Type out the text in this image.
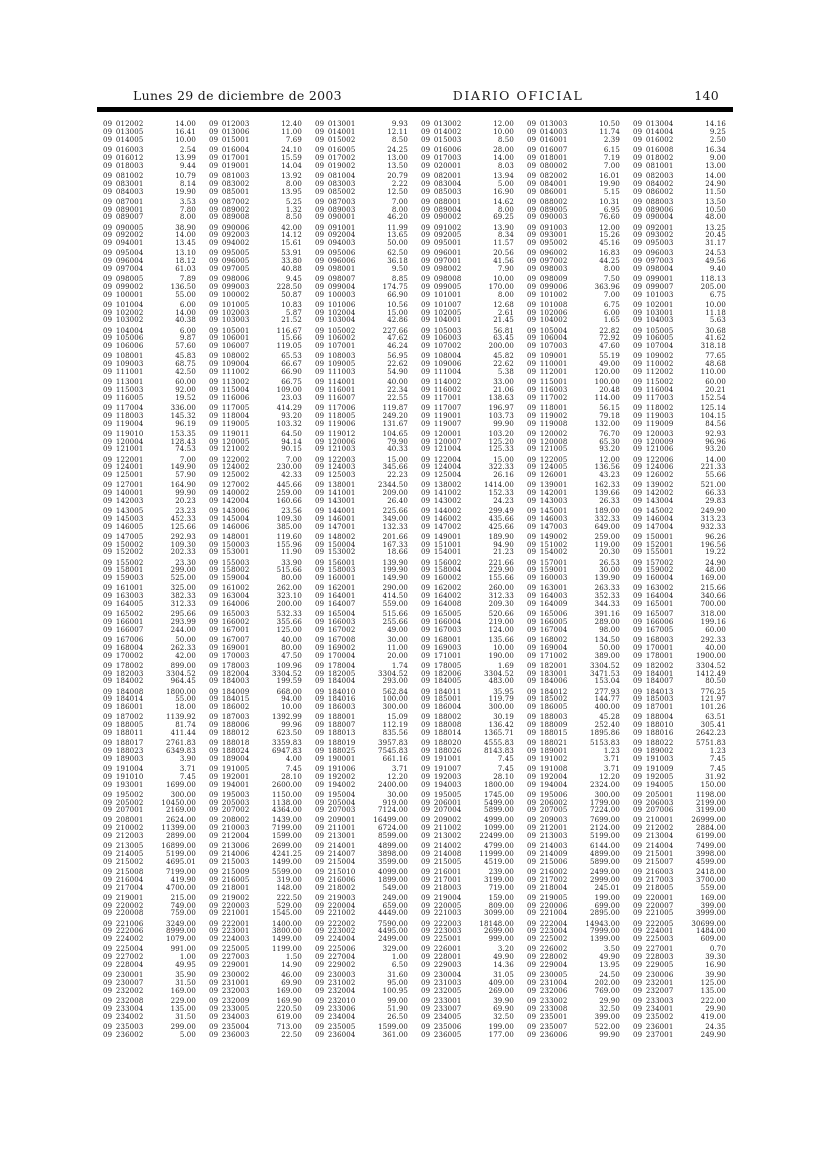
Lunes 29 de diciembre de 2003	DIARIO OFICIAL	140
09 012002	14.00 09 012003	12.40 09 013001	9.93 09 013002	12.00 09 013003	10.50 09 013004	14.16
09 013005	16.41 09 013006	11.00 09 014001	12.11 09 014002	10.00 09 014003	11.74 09 014004	9.25
09 014005	10.00 09 015001	7.69 09 015002	8.50 09 015003	8.50 09 016001	2.39 09 016002	2.50
09 016003	2.54 09 016004	24.10 09 016005	24.25 09 016006	28.00 09 016007	6.15 09 016008	16.34
09 016012	13.99 09 017001	15.59 09 017002	13.00 09 017003	14.00 09 018001	7.19 09 018002	9.00
09 018003	9.44 09 019001	14.04 09 019002	13.50 09 020001	8.03 09 080002	7.00 09 081001	13.00
09 081002	10.79 09 081003	13.92 09 081004	20.79 09 082001	13.94 09 082002	16.01 09 082003	14.00
09 083001	8.14 09 083002	8.00 09 083003	2.22 09 083004	5.00 09 084001	19.90 09 084002	24.90
09 084003	19.90 09 085001	13.95 09 085002	12.50 09 085003	16.90 09 086001	5.15 09 086002	11.50
09 087001	3.53 09 087002	5.25 09 087003	7.00 09 088001	14.62 09 088002	10.31 09 088003	13.50
09 089001	7.80 09 089002	1.32 09 089003	8.00 09 089004	8.00 09 089005	6.95 09 089006	10.50
09 089007	8.00 09 089008	8.50 09 090001	46.20 09 090002	69.25 09 090003	76.60 09 090004	48.00
09 090005	38.90 09 090006	42.00 09 091001	11.99 09 091002	13.90 09 091003	12.00 09 092001	13.25
09 092002	14.00 09 092003	14.12 09 092004	13.65 09 092005	8.34 09 093001	15.26 09 093002	20.45
09 094001	13.45 09 094002	15.61 09 094003	50.00 09 095001	11.57 09 095002	45.16 09 095003	31.17
09 095004	13.10 09 095005	53.91 09 095006	62.50 09 096001	20.56 09 096002	16.83 09 096003	24.53
09 096004	18.12 09 096005	33.80 09 096006	36.18 09 097001	41.56 09 097002	44.25 09 097003	49.56
09 097004	61.03 09 097005	40.88 09 098001	9.50 09 098002	7.90 09 098003	8.00 09 098004	9.40
09 098005	7.89 09 098006	9.45 09 098007	8.85 09 098008	10.00 09 098009	7.50 09 099001	118.13
09 099002	136.50 09 099003	228.50 09 099004	174.75 09 099005	170.00 09 099006	363.96 09 099007	205.00
09 100001	55.00 09 100002	50.87 09 100003	66.90 09 101001	8.00 09 101002	7.00 09 101003	6.75
09 101004	6.00 09 101005	10.83 09 101006	10.56 09 101007	12.68 09 101008	6.75 09 102001	10.00
09 102002	14.00 09 102003	5.87 09 102004	15.00 09 102005	2.61 09 102006	6.00 09 103001	11.18
09 103002	40.38 09 103003	21.52 09 103004	42.86 09 104001	21.45 09 104002	1.65 09 104003	5.63
09 104004	6.00 09 105001	116.67 09 105002	227.66 09 105003	56.81 09 105004	22.82 09 105005	30.68
09 105006	9.87 09 106001	15.66 09 106002	47.62 09 106003	63.45 09 106004	72.92 09 106005	41.62
09 106006	57.60 09 106007	119.05 09 107001	46.24 09 107002	200.00 09 107003	47.60 09 107004	318.18
09 108001	45.83 09 108002	65.53 09 108003	56.95 09 108004	45.82 09 109001	55.19 09 109002	77.65
09 109003	68.75 09 109004	66.67 09 109005	22.62 09 109006	22.62 09 110001	49.00 09 110002	48.68
09 111001	42.50 09 111002	66.90 09 111003	54.90 09 111004	5.38 09 112001	120.00 09 112002	110.00
09 113001	60.00 09 113002	66.75 09 114001	40.00 09 114002	33.00 09 115001	100.00 09 115002	60.00
09 115003	92.00 09 115004	109.00 09 116001	22.34 09 116002	21.06 09 116003	20.48 09 116004	20.21
09 116005	19.52 09 116006	23.03 09 116007	22.55 09 117001	138.63 09 117002	114.00 09 117003	152.54
09 117004	336.00 09 117005	414.29 09 117006	119.87 09 117007	196.97 09 118001	56.15 09 118002	125.14
09 118003	145.32 09 118004	93.20 09 118005	249.20 09 119001	103.73 09 119002	79.18 09 119003	104.15
09 119004	96.19 09 119005	103.32 09 119006	131.67 09 119007	99.90 09 119008	132.00 09 119009	84.56
09 119010	153.35 09 119011	64.50 09 119012	104.65 09 120001	103.20 09 120002	76.70 09 120003	92.93
09 120004	128.43 09 120005	94.14 09 120006	79.90 09 120007	125.20 09 120008	65.30 09 120009	96.96
09 121001	74.53 09 121002	90.15 09 121003	40.33 09 121004	125.33 09 121005	93.20 09 121006	93.20
09 122001	7.00 09 122002	7.00 09 122003	15.00 09 122004	15.00 09 122005	12.00 09 122006	14.00
09 124001	149.90 09 124002	230.00 09 124003	345.66 09 124004	322.33 09 124005	136.56 09 124006	221.33
09 125001	57.90 09 125002	42.33 09 125003	22.23 09 125004	26.16 09 126001	43.23 09 126002	55.66
09 127001	164.90 09 127002	445.66 09 138001	2344.50 09 138002	1414.00 09 139001	162.33 09 139002	521.00
09 140001	99.90 09 140002	259.00 09 141001	209.00 09 141002	152.33 09 142001	139.66 09 142002	66.33
09 142003	20.23 09 142004	160.66 09 143001	26.40 09 143002	24.23 09 143003	26.33 09 143004	29.83
09 143005	23.23 09 143006	23.56 09 144001	225.66 09 144002	299.49 09 145001	189.00 09 145002	249.90
09 145003	452.33 09 145004	109.30 09 146001	349.00 09 146002	435.66 09 146003	332.33 09 146004	313.23
09 146005	125.66 09 146006	385.00 09 147001	132.33 09 147002	425.66 09 147003	649.00 09 147004	932.33
09 147005	292.93 09 148001	119.60 09 148002	201.66 09 149001	189.90 09 149002	259.00 09 150001	96.26
09 150002	109.30 09 150003	155.96 09 150004	167.33 09 151001	94.90 09 151002	119.00 09 152001	196.56
09 152002	202.33 09 153001	11.90 09 153002	18.66 09 154001	21.23 09 154002	20.30 09 155001	19.22
09 155002	23.30 09 155003	33.90 09 156001	139.90 09 156002	221.66 09 157001	26.53 09 157002	24.90
09 158001	299.00 09 158002	515.66 09 158003	199.90 09 158004	229.90 09 159001	30.00 09 159002	48.00
09 159003	525.00 09 159004	80.00 09 160001	149.90 09 160002	155.66 09 160003	139.90 09 160004	169.00
09 161001	325.00 09 161002	262.00 09 162001	290.00 09 162002	260.00 09 163001	263.33 09 163002	215.66
09 163003	382.33 09 163004	323.10 09 164001	414.50 09 164002	312.33 09 164003	352.33 09 164004	340.66
09 164005	312.33 09 164006	200.00 09 164007	559.00 09 164008	209.30 09 164009	344.33 09 165001	700.00
09 165002	295.66 09 165003	532.33 09 165004	515.66 09 165005	520.66 09 165006	391.16 09 165007	318.00
09 166001	293.99 09 166002	355.66 09 166003	255.66 09 166004	219.00 09 166005	289.00 09 166006	199.16
09 166007	244.00 09 167001	125.00 09 167002	49.00 09 167003	124.00 09 167004	98.00 09 167005	60.00
09 167006	50.00 09 167007	40.00 09 167008	30.00 09 168001	135.66 09 168002	134.50 09 168003	292.33
09 168004	262.33 09 169001	80.00 09 169002	11.00 09 169003	10.00 09 169004	50.00 09 170001	40.00
09 170002	42.00 09 170003	47.50 09 170004	20.00 09 171001	190.00 09 171002	389.00 09 178001	1900.00
09 178002	899.00 09 178003	109.96 09 178004	1.74 09 178005	1.69 09 182001	3304.52 09 182002	3304.52
09 182003	3304.52 09 182004	3304.52 09 182005	3304.52 09 182006	3304.52 09 183001	3471.53 09 184001	1412.49
09 184002	964.45 09 184003	199.59 09 184004	293.00 09 184005	483.00 09 184006	153.04 09 184007	80.50
09 184008	1800.00 09 184009	668.00 09 184010	562.84 09 184011	35.95 09 184012	277.93 09 184013	776.25
09 184014	55.00 09 184015	94.00 09 184016	100.00 09 185001	119.79 09 185002	144.77 09 185003	121.97
09 186001	18.00 09 186002	10.00 09 186003	300.00 09 186004	300.00 09 186005	400.00 09 187001	101.26
09 187002	1139.92 09 187003	1392.99 09 188001	15.09 09 188002	30.19 09 188003	45.28 09 188004	63.51
09 188005	81.74 09 188006	99.96 09 188007	112.19 09 188008	136.42 09 188009	252.40 09 188010	305.41
09 188011	411.44 09 188012	623.50 09 188013	835.56 09 188014	1365.71 09 188015	1895.86 09 188016	2642.23
09 188017	2761.83 09 188018	3359.83 09 188019	3957.83 09 188020	4555.83 09 188021	5153.83 09 188022	5751.83
09 188023	6349.83 09 188024	6947.83 09 188025	7545.83 09 188026	8143.83 09 189001	1.23 09 189002	1.23
09 189003	3.90 09 189004	4.00 09 190001	661.16 09 191001	7.45 09 191002	3.71 09 191003	7.45
09 191004	3.71 09 191005	7.45 09 191006	3.71 09 191007	7.45 09 191008	3.71 09 191009	7.45
09 191010	7.45 09 192001	28.10 09 192002	12.20 09 192003	28.10 09 192004	12.20 09 192005	31.92
09 193001	1699.00 09 194001	2600.00 09 194002	2400.00 09 194003	1800.00 09 194004	2324.00 09 194005	150.00
09 195002	300.00 09 195003	1150.00 09 195004	30.00 09 195005	1745.00 09 195006	300.00 09 205001	1198.00
09 205002	10450.00 09 205003	1138.00 09 205004	919.00 09 206001	5499.00 09 206002	1799.00 09 206003	2199.00
09 207001	2169.00 09 207002	4364.00 09 207003	7124.00 09 207004	5899.00 09 207005	7224.00 09 207006	3199.00
09 208001	2624.00 09 208002	1439.00 09 209001	16499.00 09 209002	4999.00 09 209003	7699.00 09 210001	26999.00
09 210002	11399.00 09 210003	7199.00 09 211001	6724.00 09 211002	1099.00 09 212001	2124.00 09 212002	2884.00
09 212003	2899.00 09 212004	1599.00 09 213001	8599.00 09 213002	22499.00 09 213003	5199.00 09 213004	6199.00
09 213005	16899.00 09 213006	2699.00 09 214001	4899.00 09 214002	4799.00 09 214003	6144.00 09 214004	7499.00
09 214005	5199.00 09 214006	4241.25 09 214007	3898.00 09 214008	11999.00 09 214009	4899.00 09 215001	3998.00
09 215002	4695.01 09 215003	1499.00 09 215004	3599.00 09 215005	4519.00 09 215006	5899.00 09 215007	4599.00
09 215008	7199.00 09 215009	5599.00 09 215010	4099.00 09 216001	239.00 09 216002	2499.00 09 216003	2418.00
09 216004	419.90 09 216005	319.00 09 216006	1899.00 09 217001	3199.00 09 217002	2999.00 09 217003	3700.00
09 217004	4700.00 09 218001	148.00 09 218002	549.00 09 218003	719.00 09 218004	245.01 09 218005	559.00
09 219001	215.00 09 219002	222.50 09 219003	249.00 09 219004	159.00 09 219005	199.00 09 220001	169.00
09 220002	749.00 09 220003	529.00 09 220004	659.00 09 220005	809.00 09 220006	699.00 09 220007	399.00
09 220008	759.00 09 221001	1545.00 09 221002	4449.00 09 221003	3099.00 09 221004	2895.00 09 221005	3999.00
09 221006	3249.00 09 222001	1400.00 09 222002	7590.00 09 222003	18148.00 09 222004	14943.00 09 222005	30699.00
09 222006	8999.00 09 223001	3800.00 09 223002	4495.00 09 223003	2699.00 09 223004	7999.00 09 224001	1484.00
09 224002	1079.00 09 224003	1499.00 09 224004	2499.00 09 225001	999.00 09 225002	1399.00 09 225003	609.00
09 225004	991.00 09 225005	1199.00 09 225006	329.00 09 226001	3.20 09 226002	3.50 09 227001	0.70
09 227002	1.00 09 227003	1.50 09 227004	1.00 09 228001	49.90 09 228002	49.90 09 228003	39.30
09 228004	49.95 09 229001	14.90 09 229002	6.50 09 229003	14.36 09 229004	13.95 09 229005	16.90
09 230001	35.90 09 230002	46.00 09 230003	31.60 09 230004	31.05 09 230005	24.50 09 230006	39.90
09 230007	31.50 09 231001	69.90 09 231002	95.00 09 231003	409.00 09 231004	202.00 09 232001	125.00
09 232002	169.00 09 232003	169.00 09 232004	100.95 09 232005	269.00 09 232006	769.00 09 232007	135.00
09 232008	229.00 09 232009	169.90 09 232010	99.00 09 233001	39.90 09 233002	29.90 09 233003	222.00
09 233004	135.00 09 233005	220.50 09 233006	51.90 09 233007	69.90 09 233008	32.50 09 234001	29.90
09 234002	31.50 09 234003	619.00 09 234004	26.50 09 234005	32.50 09 235001	399.00 09 235002	419.00
09 235003	299.00 09 235004	713.00 09 235005	1599.00 09 235006	199.00 09 235007	522.00 09 236001	24.35
09 236002	5.00 09 236003	22.50 09 236004	361.00 09 236005	177.00 09 236006	99.90 09 237001	249.90
